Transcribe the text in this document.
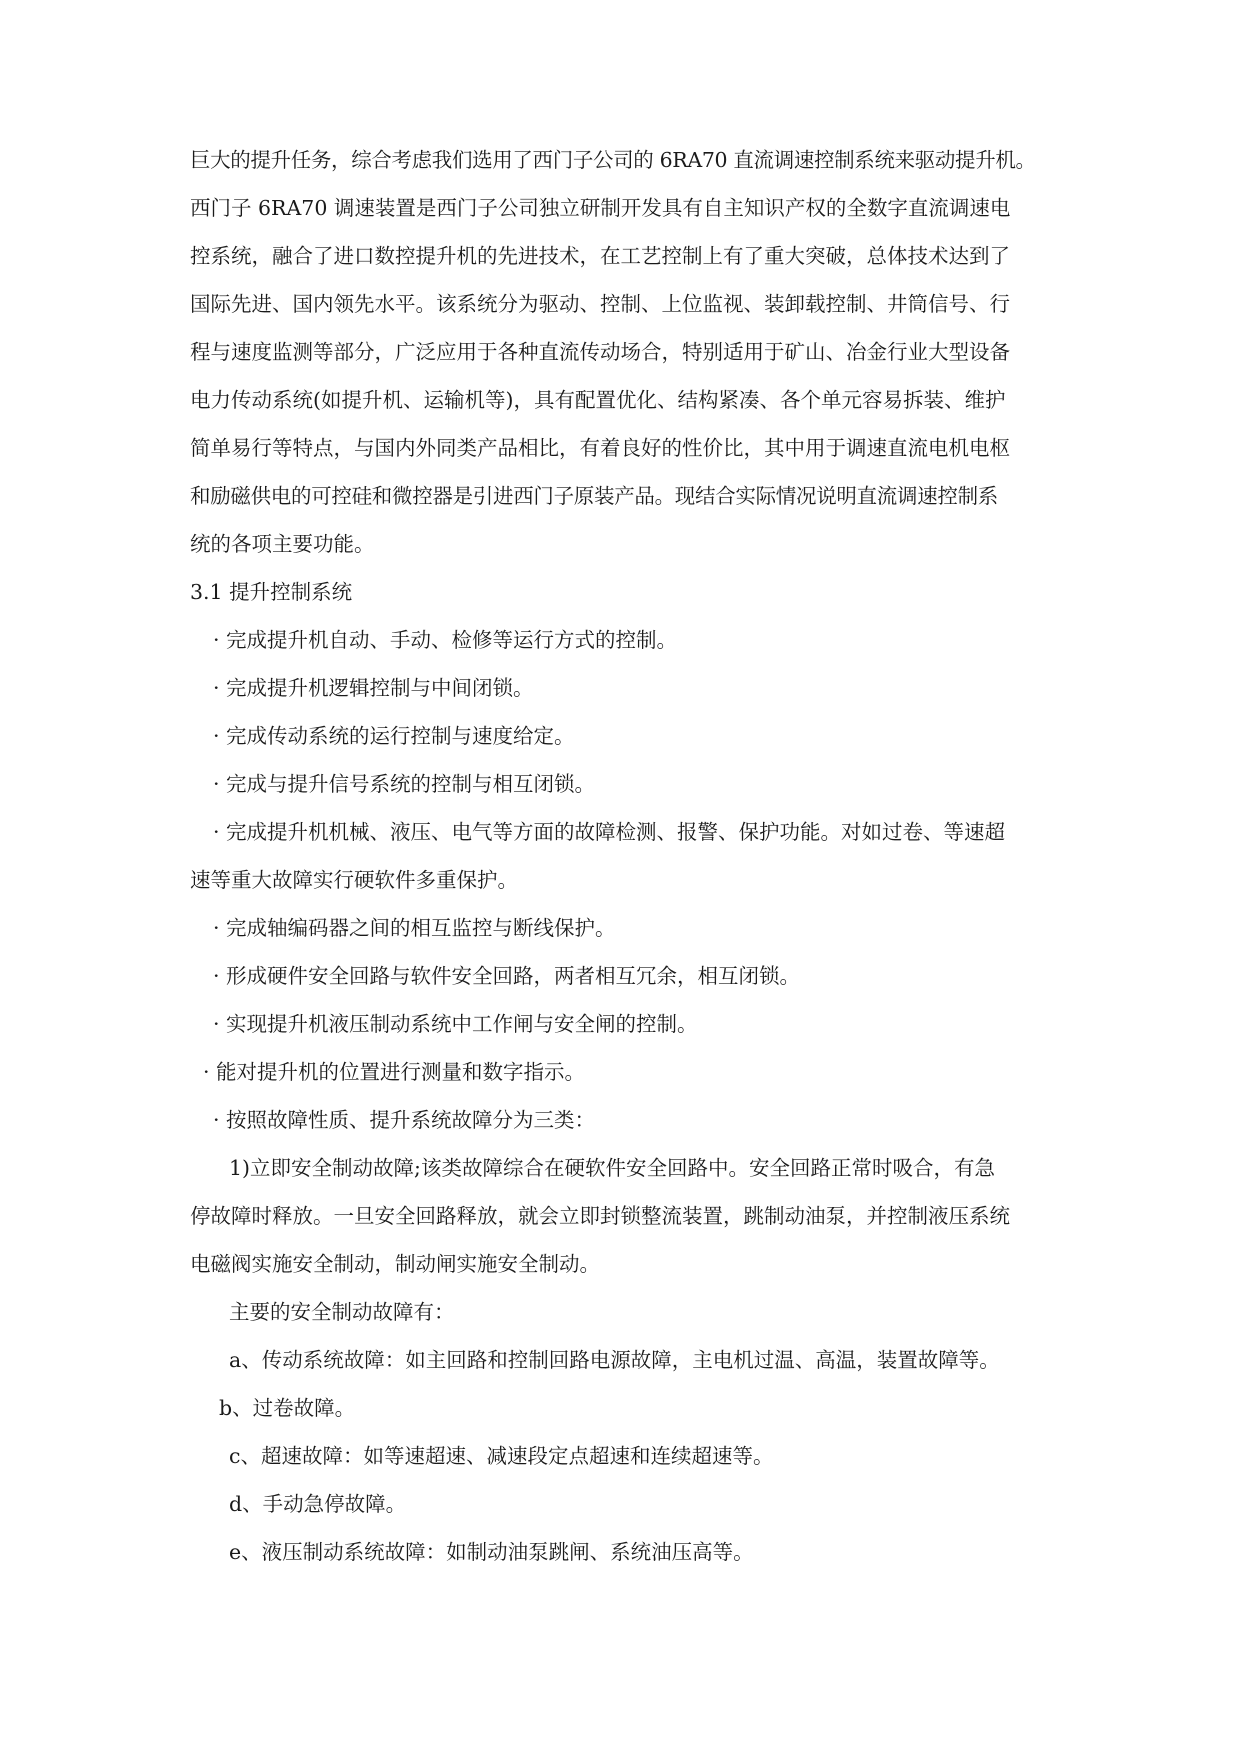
巨大的提升任务，综合考虑我们选用了西门子公司的 6RA70 直流调速控制系统来驱动提升机。
西门子 6RA70 调速装置是西门子公司独立研制开发具有自主知识产权的全数字直流调速电
控系统，融合了进口数控提升机的先进技术，在工艺控制上有了重大突破，总体技术达到了
国际先进、国内领先水平。该系统分为驱动、控制、上位监视、装卸载控制、井筒信号、行
程与速度监测等部分，广泛应用于各种直流传动场合，特别适用于矿山、冶金行业大型设备
电力传动系统(如提升机、运输机等)，具有配置优化、结构紧凑、各个单元容易拆装、维护
简单易行等特点，与国内外同类产品相比，有着良好的性价比，其中用于调速直流电机电枢
和励磁供电的可控硅和微控器是引进西门子原装产品。现结合实际情况说明直流调速控制系
统的各项主要功能。
3.1 提升控制系统
· 完成提升机自动、手动、检修等运行方式的控制。
· 完成提升机逻辑控制与中间闭锁。
· 完成传动系统的运行控制与速度给定。
· 完成与提升信号系统的控制与相互闭锁。
· 完成提升机机械、液压、电气等方面的故障检测、报警、保护功能。对如过卷、等速超
速等重大故障实行硬软件多重保护。
· 完成轴编码器之间的相互监控与断线保护。
· 形成硬件安全回路与软件安全回路，两者相互冗余，相互闭锁。
· 实现提升机液压制动系统中工作闸与安全闸的控制。
· 能对提升机的位置进行测量和数字指示。
· 按照故障性质、提升系统故障分为三类：
1)立即安全制动故障;该类故障综合在硬软件安全回路中。安全回路正常时吸合，有急
停故障时释放。一旦安全回路释放，就会立即封锁整流装置，跳制动油泵，并控制液压系统
电磁阀实施安全制动，制动闸实施安全制动。
主要的安全制动故障有：
a、传动系统故障：如主回路和控制回路电源故障，主电机过温、高温，装置故障等。
b、过卷故障。
c、超速故障：如等速超速、减速段定点超速和连续超速等。
d、手动急停故障。
e、液压制动系统故障：如制动油泵跳闸、系统油压高等。
